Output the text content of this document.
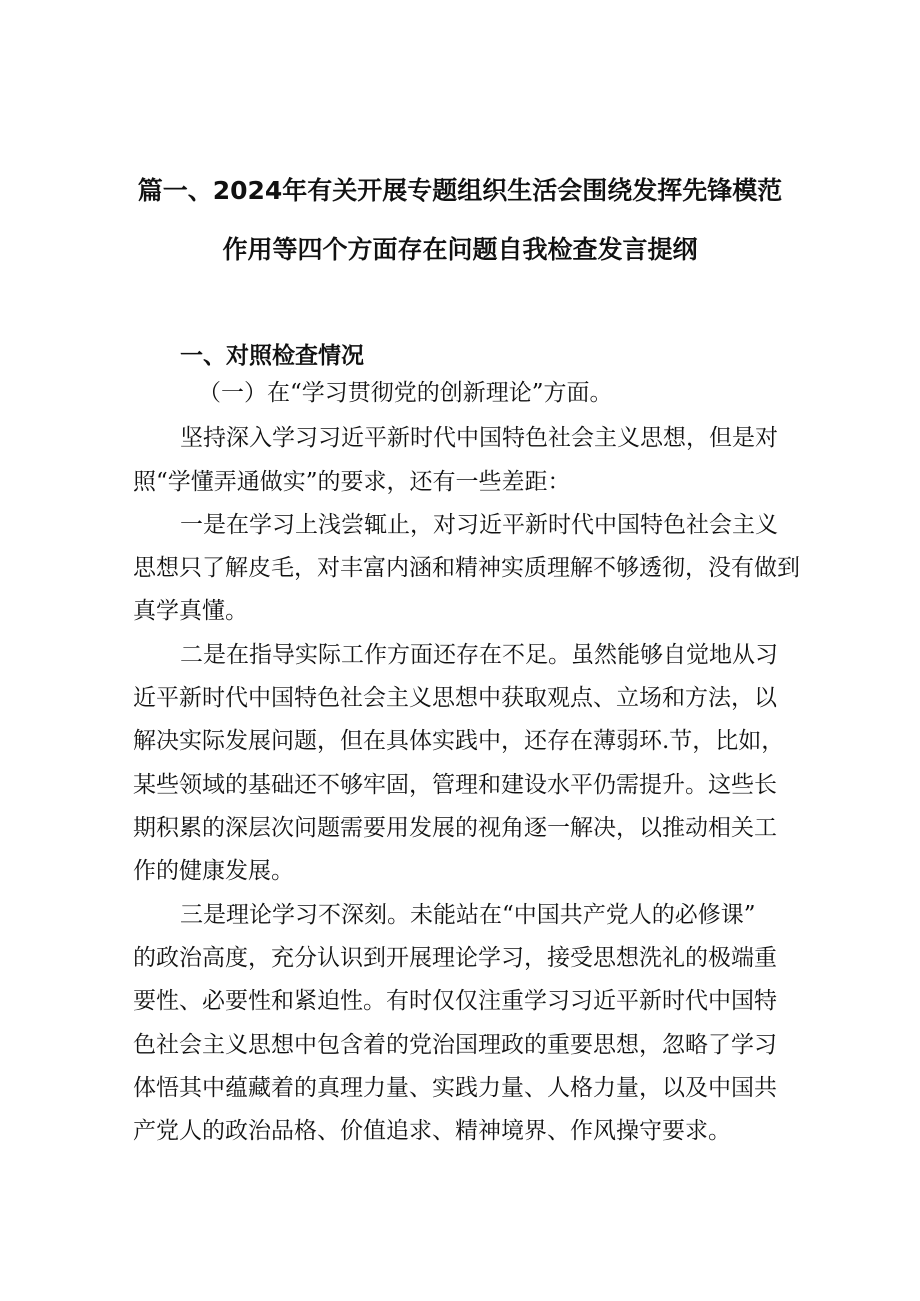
篇一、2024年有关开展专题组织生活会围绕发挥先锋模范
作用等四个方面存在问题自我检查发言提纲
一、对照检查情况
（一）在“学习贯彻党的创新理论”方面。
坚持深入学习习近平新时代中国特色社会主义思想，但是对
照“学懂弄通做实”的要求，还有一些差距：
一是在学习上浅尝辄止，对习近平新时代中国特色社会主义
思想只了解皮毛，对丰富内涵和精神实质理解不够透彻，没有做到
真学真懂。
二是在指导实际工作方面还存在不足。虽然能够自觉地从习
近平新时代中国特色社会主义思想中获取观点、立场和方法，以
解决实际发展问题，但在具体实践中，还存在薄弱环.节，比如，
某些领域的基础还不够牢固，管理和建设水平仍需提升。这些长
期积累的深层次问题需要用发展的视角逐一解决，以推动相关工
作的健康发展。
三是理论学习不深刻。未能站在“中国共产党人的必修课”
的政治高度，充分认识到开展理论学习，接受思想洗礼的极端重
要性、必要性和紧迫性。有时仅仅注重学习习近平新时代中国特
色社会主义思想中包含着的党治国理政的重要思想，忽略了学习
体悟其中蕴藏着的真理力量、实践力量、人格力量，以及中国共
产党人的政治品格、价值追求、精神境界、作风操守要求。
